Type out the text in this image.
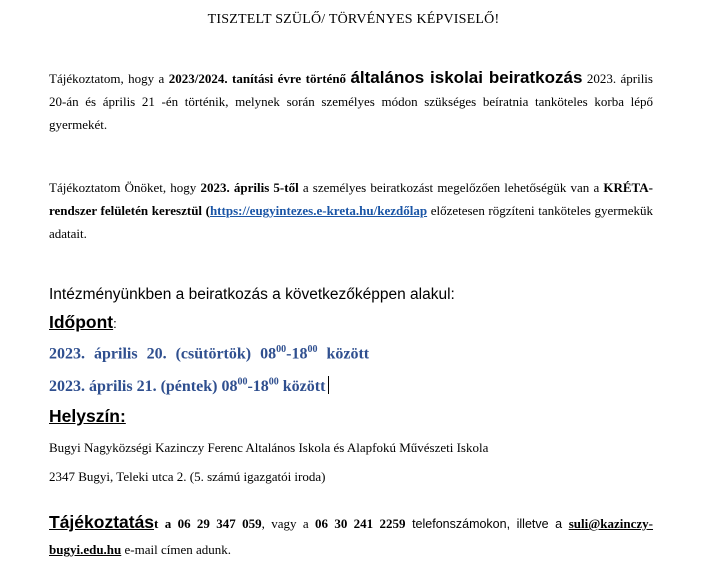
TISZTELT SZÜLŐ/ TÖRVÉNYES KÉPVISELŐ!
Tájékoztatom, hogy a 2023/2024. tanítási évre történő általános iskolai beiratkozás 2023. április 20-án és április 21 -én történik, melynek során személyes módon szükséges beíratnia tanköteles korba lépő gyermekét.
Tájékoztatom Önöket, hogy 2023. április 5-től a személyes beiratkozást megelőzően lehetőségük van a KRÉTA-rendszer felületén keresztül (https://eugyintezes.e-kreta.hu/kezdőlap előzetesen rögzíteni tanköteles gyermekük adatait.
Intézményünkben a beiratkozás a következőképpen alakul:
Időpont:
2023. április 20. (csütörtök) $08^{00}-18^{00}$ között
2023. április 21. (péntek) $08^{00}-18^{00}$ között
Helyszín:
Bugyi Nagyközségi Kazinczy Ferenc Altalános Iskola és Alapfokú Művészeti Iskola
2347 Bugyi, Teleki utca 2. (5. számú igazgatói iroda)
Tájékoztatást a 06 29 347 059, vagy a 06 30 241 2259 telefonszámokon, illetve a suli@kazinczy-bugyi.edu.hu e-mail címen adunk.
